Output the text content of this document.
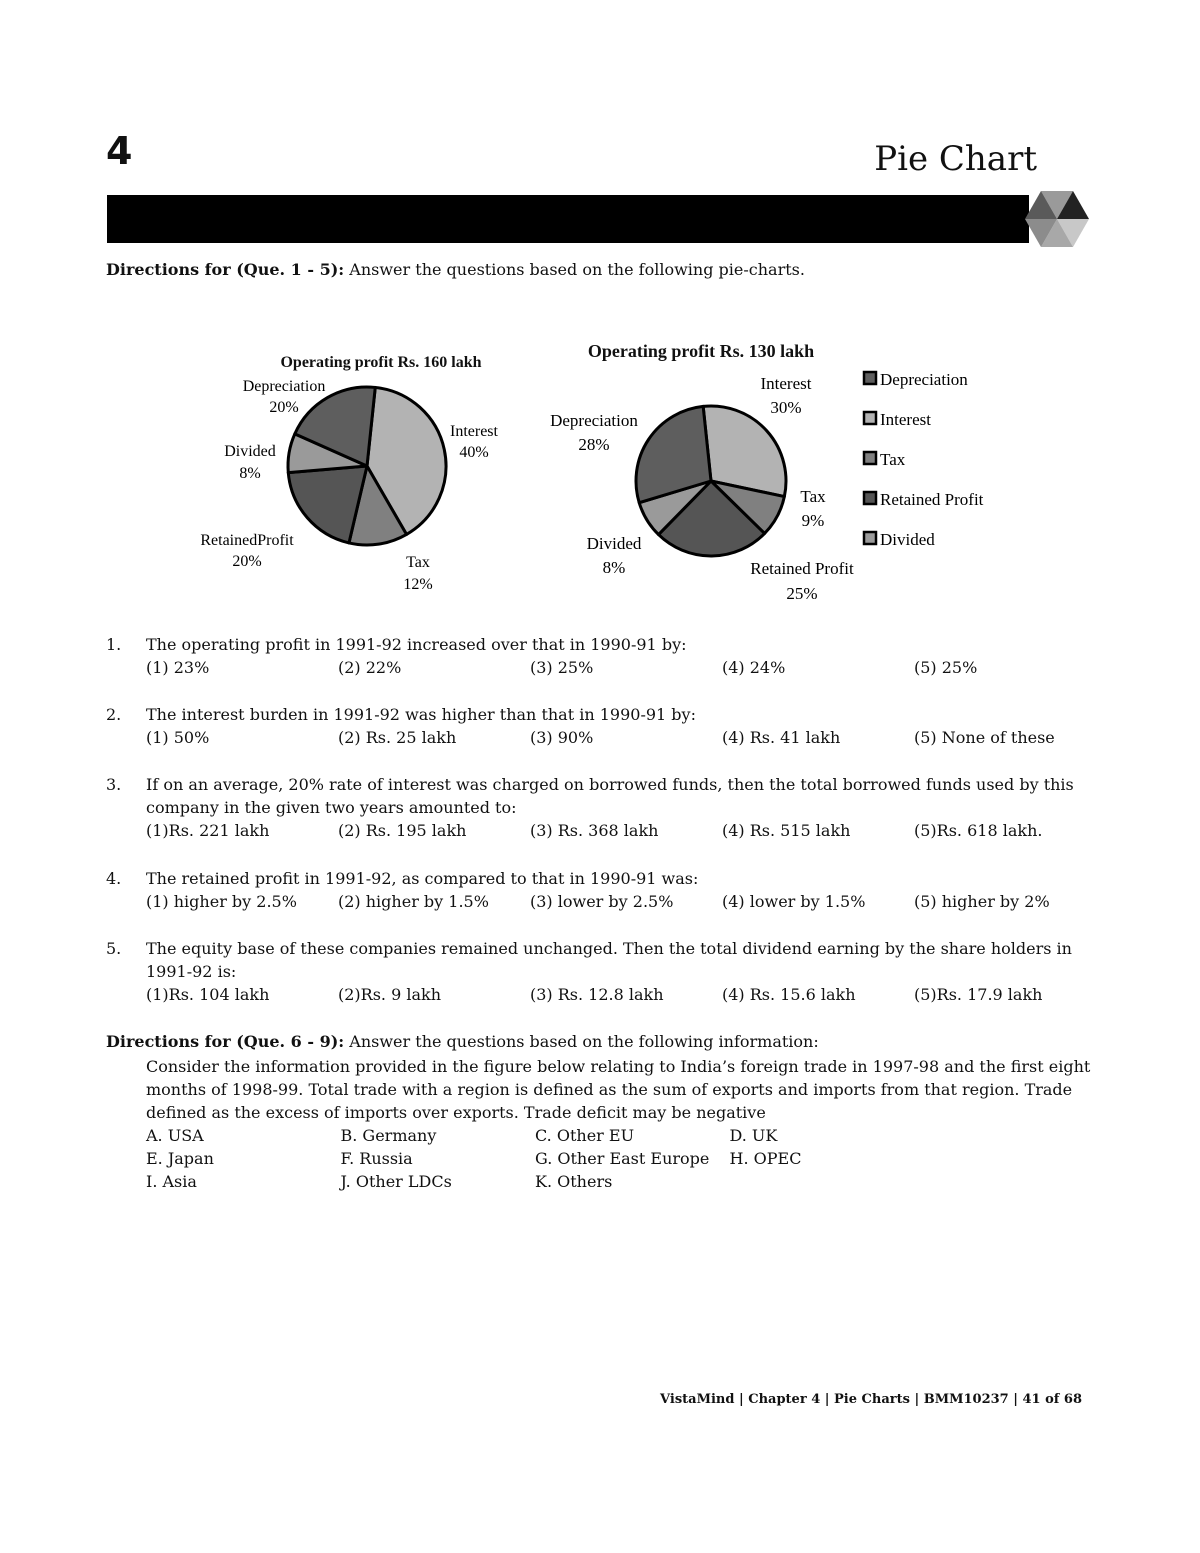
4	Pie Chart
Directions for (Que. 1 - 5): Answer the questions based on the following pie-charts.
Operating profit Rs. 160 lakh
Depreciation
20%
Interest
40%
Divided
8%
RetainedProfit
20%	Tax
12%
Operating profit Rs. 130 lakh
Interest
30%
Depreciation
28%
Tax
9%
Divided
8%	Retained Profit
25%
Depreciation
Interest
Tax
Retained Profit
Divided
1. The operating profit in 1991-92 increased over that in 1990-91 by:
(1) 23%	(2) 22%	(3) 25%	(4) 24%	(5) 25%
2. The interest burden in 1991-92 was higher than that in 1990-91 by:
(1) 50%	(2) Rs. 25 lakh	(3) 90%	(4) Rs. 41 lakh	(5) None of these
3. If on an average, 20% rate of interest was charged on borrowed funds, then the total borrowed funds used by this company in the given two years amounted to:
(1)Rs. 221 lakh	(2) Rs. 195 lakh	(3) Rs. 368 lakh	(4) Rs. 515 lakh	(5)Rs. 618 lakh.
4. The retained profit in 1991-92, as compared to that in 1990-91 was:
(1) higher by 2.5%	(2) higher by 1.5%	(3) lower by 2.5%	(4) lower by 1.5%	(5) higher by 2%
5. The equity base of these companies remained unchanged. Then the total dividend earning by the share holders in 1991-92 is:
(1)Rs. 104 lakh	(2)Rs. 9 lakh	(3) Rs. 12.8 lakh	(4) Rs. 15.6 lakh	(5)Rs. 17.9 lakh
Directions for (Que. 6 - 9): Answer the questions based on the following information:
Consider the information provided in the figure below relating to India’s foreign trade in 1997-98 and the first eight months of 1998-99. Total trade with a region is defined as the sum of exports and imports from that region. Trade defined as the excess of imports over exports. Trade deficit may be negative
A. USA	B. Germany	C. Other EU	D. UK
E. Japan	F. Russia	G. Other East Europe	H. OPEC
I. Asia	J. Other LDCs	K. Others
VistaMind | Chapter 4 | Pie Charts | BMM10237 | 41 of 68
